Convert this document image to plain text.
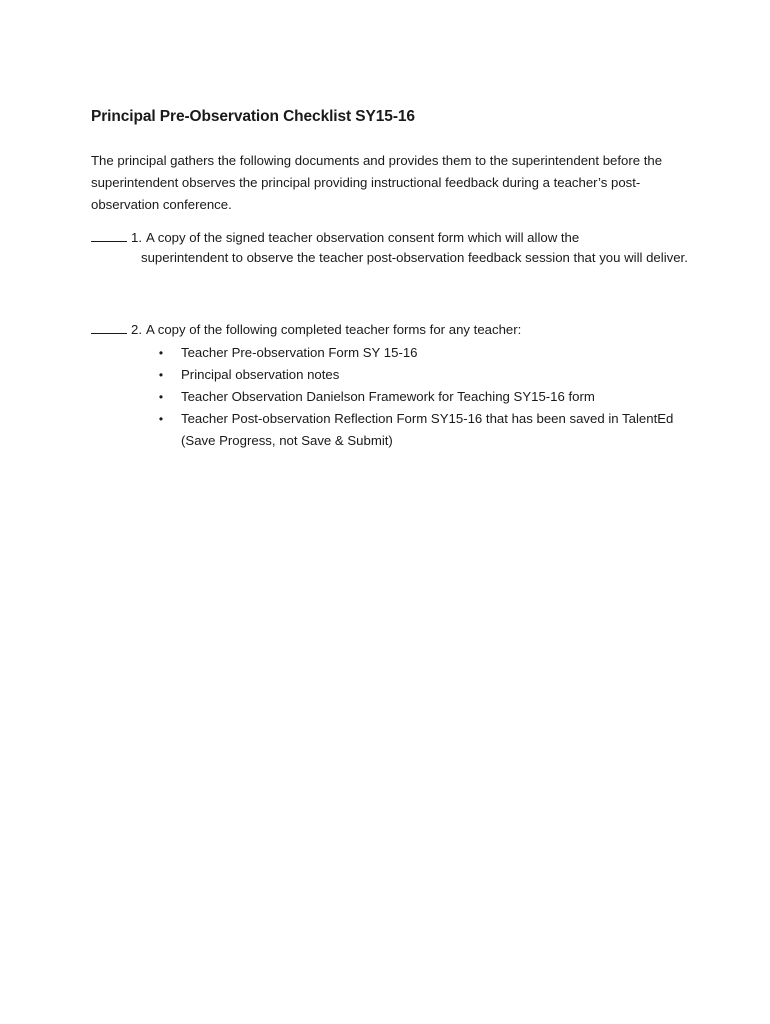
Principal Pre-Observation Checklist SY15-16

The principal gathers the following documents and provides them to the superintendent before the superintendent observes the principal providing instructional feedback during a teacher’s post-observation conference.

1. A copy of the signed teacher observation consent form which will allow the

superintendent to observe the teacher post-observation feedback session that you will deliver.

2. A copy of the following completed teacher forms for any teacher:
• Teacher Pre-observation Form SY 15-16
• Principal observation notes
• Teacher Observation Danielson Framework for Teaching SY15-16 form
• Teacher Post-observation Reflection Form SY15-16 that has been saved in TalentEd (Save Progress, not Save & Submit)
